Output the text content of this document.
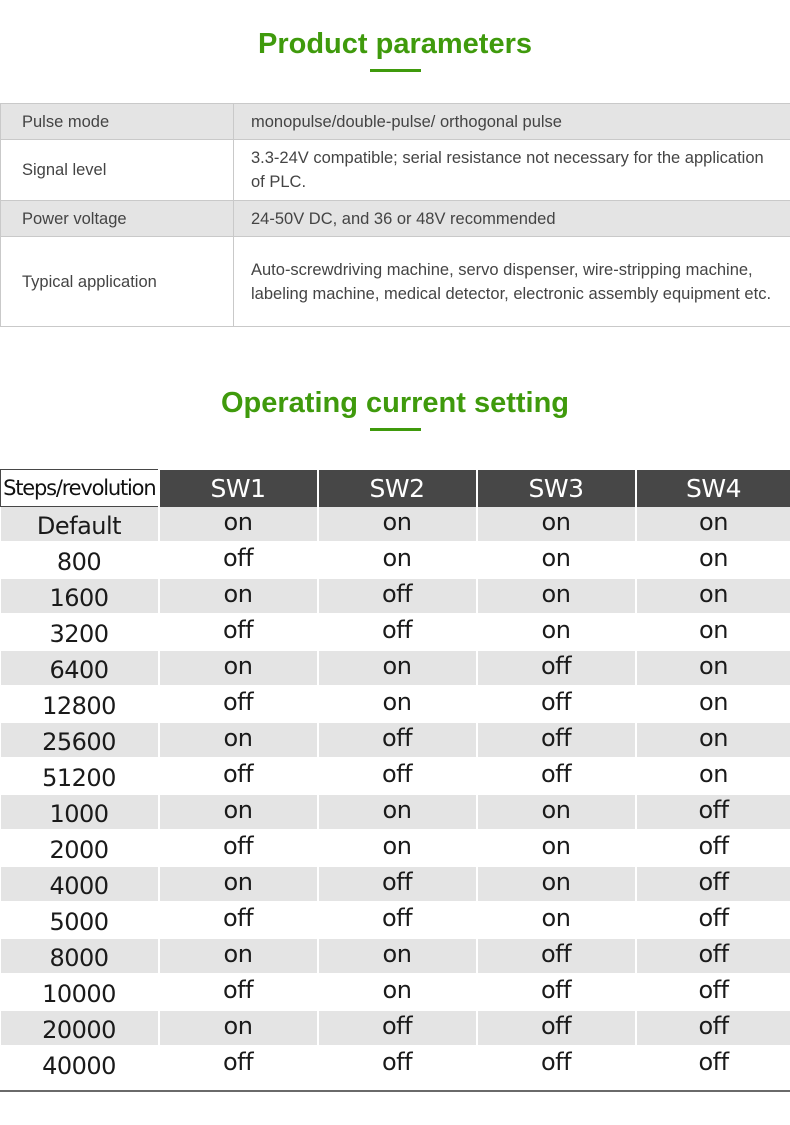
Product parameters
Pulse mode	monopulse/double-pulse/ orthogonal pulse
Signal level	3.3-24V compatible; serial resistance not necessary for the application of PLC.
Power voltage	24-50V DC, and 36 or 48V recommended
Typical application	Auto-screwdriving machine, servo dispenser, wire-stripping machine, labeling machine, medical detector, electronic assembly equipment etc.
Operating current setting
Steps/revolution	SW1	SW2	SW3	SW4
Default	on	on	on	on
800	off	on	on	on
1600	on	off	on	on
3200	off	off	on	on
6400	on	on	off	on
12800	off	on	off	on
25600	on	off	off	on
51200	off	off	off	on
1000	on	on	on	off
2000	off	on	on	off
4000	on	off	on	off
5000	off	off	on	off
8000	on	on	off	off
10000	off	on	off	off
20000	on	off	off	off
40000	off	off	off	off
